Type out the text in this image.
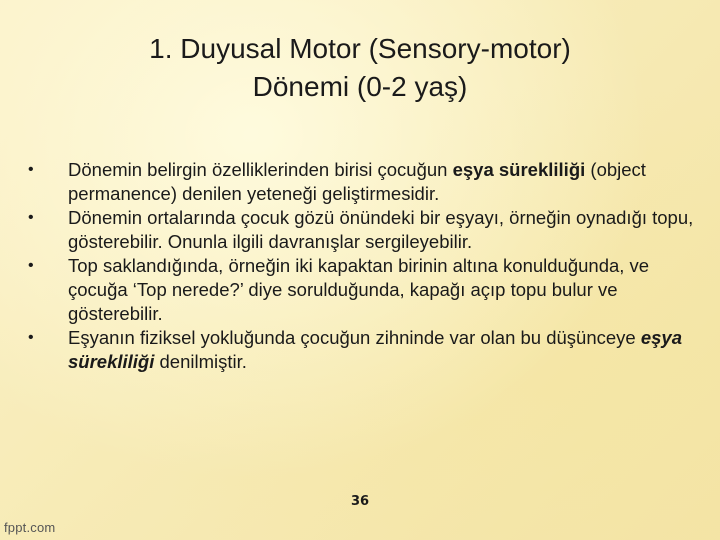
1. Duyusal Motor (Sensory-motor)
Dönemi (0-2 yaş)
• Dönemin belirgin özelliklerinden birisi çocuğun eşya sürekliliği (object permanence) denilen yeteneği geliştirmesidir.
• Dönemin ortalarında çocuk gözü önündeki bir eşyayı, örneğin oynadığı topu, gösterebilir. Onunla ilgili davranışlar sergileyebilir.
• Top saklandığında, örneğin iki kapaktan birinin altına konulduğunda, ve çocuğa ‘Top nerede?’ diye sorulduğunda, kapağı açıp topu bulur ve gösterebilir.
• Eşyanın fiziksel yokluğunda çocuğun zihninde var olan bu düşünceye eşya sürekliliği denilmiştir.
36
fppt.com
